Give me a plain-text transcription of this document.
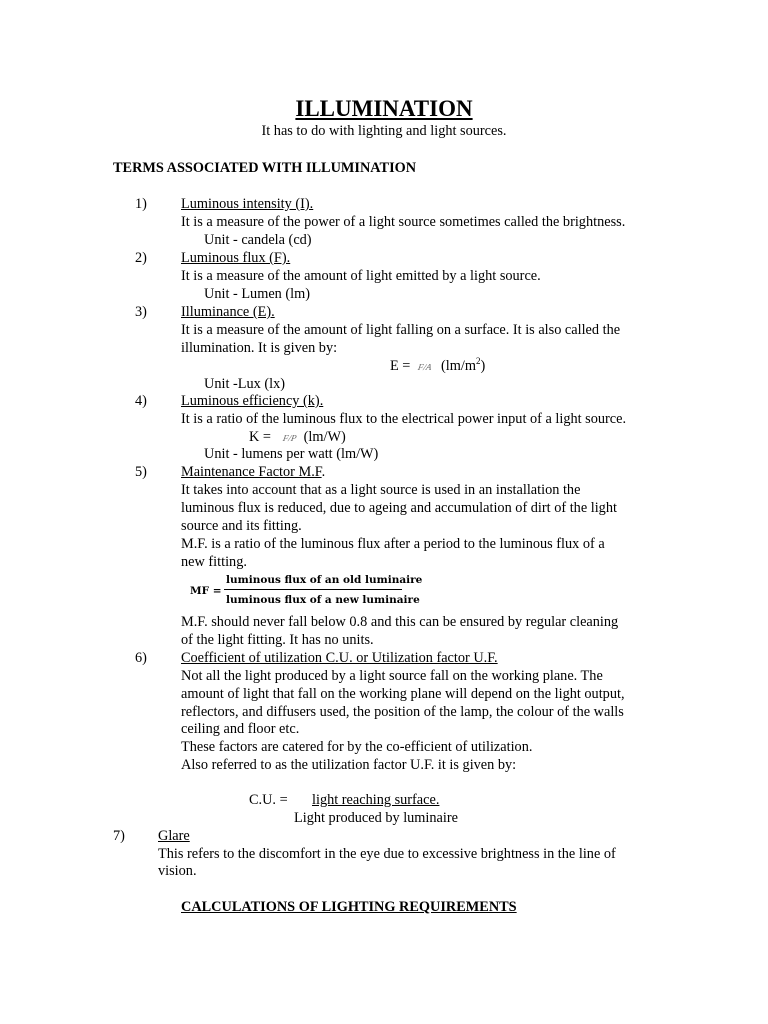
ILLUMINATION
It has to do with lighting and light sources.
TERMS ASSOCIATED WITH ILLUMINATION
1) Luminous intensity (I).
It is a measure of the power of a light source sometimes called the brightness.
Unit - candela (cd)
2) Luminous flux (F).
It is a measure of the amount of light emitted by a light source.
Unit - Lumen (lm)
3) Illuminance (E).
It is a measure of the amount of light falling on a surface. It is also called the
illumination. It is given by:
E = F/A $(lm/m^2)$
Unit -Lux (lx)
4) Luminous efficiency (k).
It is a ratio of the luminous flux to the electrical power input of a light source.
K = F/P (lm/W)
Unit - lumens per watt (lm/W)
5) Maintenance Factor M.F.
It takes into account that as a light source is used in an installation the
luminous flux is reduced, due to ageing and accumulation of dirt of the light
source and its fitting.
M.F. is a ratio of the luminous flux after a period to the luminous flux of a
new fitting.
MF =
luminous flux of an old luminaire
luminous flux of a new luminaire
M.F. should never fall below 0.8 and this can be ensured by regular cleaning
of the light fitting. It has no units.
6) Coefficient of utilization C.U. or Utilization factor U.F.
Not all the light produced by a light source fall on the working plane. The
amount of light that fall on the working plane will depend on the light output,
reflectors, and diffusers used, the position of the lamp, the colour of the walls
ceiling and floor etc.
These factors are catered for by the co-efficient of utilization.
Also referred to as the utilization factor U.F. it is given by:
C.U. = light reaching surface.
Light produced by luminaire
7) Glare
This refers to the discomfort in the eye due to excessive brightness in the line of
vision.
CALCULATIONS OF LIGHTING REQUIREMENTS
